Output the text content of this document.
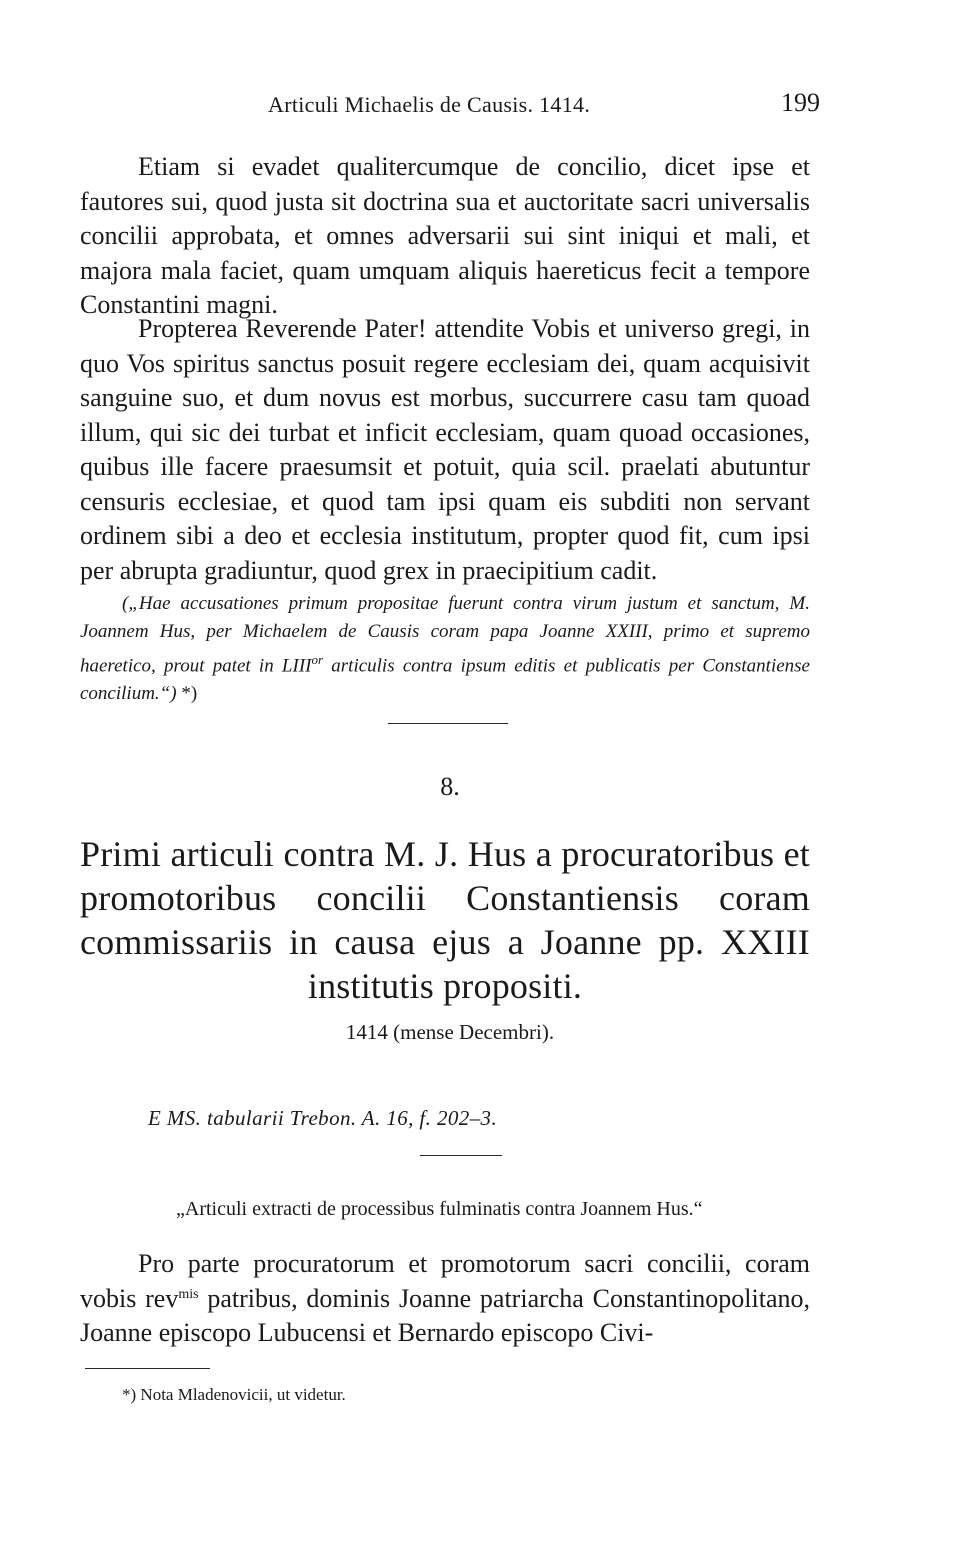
Articuli Michaelis de Causis. 1414.	199

Etiam si evadet qualitercumque de concilio, dicet ipse et fautores sui, quod justa sit doctrina sua et auctoritate sacri universalis concilii approbata, et omnes adversarii sui sint iniqui et mali, et majora mala faciet, quam umquam aliquis haereticus fecit a tempore Constantini magni.

Propterea Reverende Pater! attendite Vobis et universo gregi, in quo Vos spiritus sanctus posuit regere ecclesiam dei, quam acquisivit sanguine suo, et dum novus est morbus, succurrere casu tam quoad illum, qui sic dei turbat et inficit ecclesiam, quam quoad occasiones, quibus ille facere praesumsit et potuit, quia scil. praelati abutuntur censuris ecclesiae, et quod tam ipsi quam eis subditi non servant ordinem sibi a deo et ecclesia institutum, propter quod fit, cum ipsi per abrupta gradiuntur, quod grex in praecipitium cadit.

(„Hae accusationes primum propositae fuerunt contra virum justum et sanctum, M. Joannem Hus, per Michaelem de Causis coram papa Joanne XXIII, primo et supremo haeretico, prout patet in $LIII^{or}$ articulis contra ipsum editis et publicatis per Constantiense concilium.“) *)

8.
Primi articuli contra M. J. Hus a procuratoribus et promotoribus concilii Constantiensis coram commissariis in causa ejus a Joanne pp. XXIII institutis propositi.
1414 (mense Decembri).
E MS. tabularii Trebon. A. 16, f. 202–3.
„Articuli extracti de processibus fulminatis contra Joannem Hus.“

Pro parte procuratorum et promotorum sacri concilii, coram vobis rev$^{mis}$ patribus, dominis Joanne patriarcha Constantinopolitano, Joanne episcopo Lubucensi et Bernardo episcopo Civi-

*) Nota Mladenovicii, ut videtur.
